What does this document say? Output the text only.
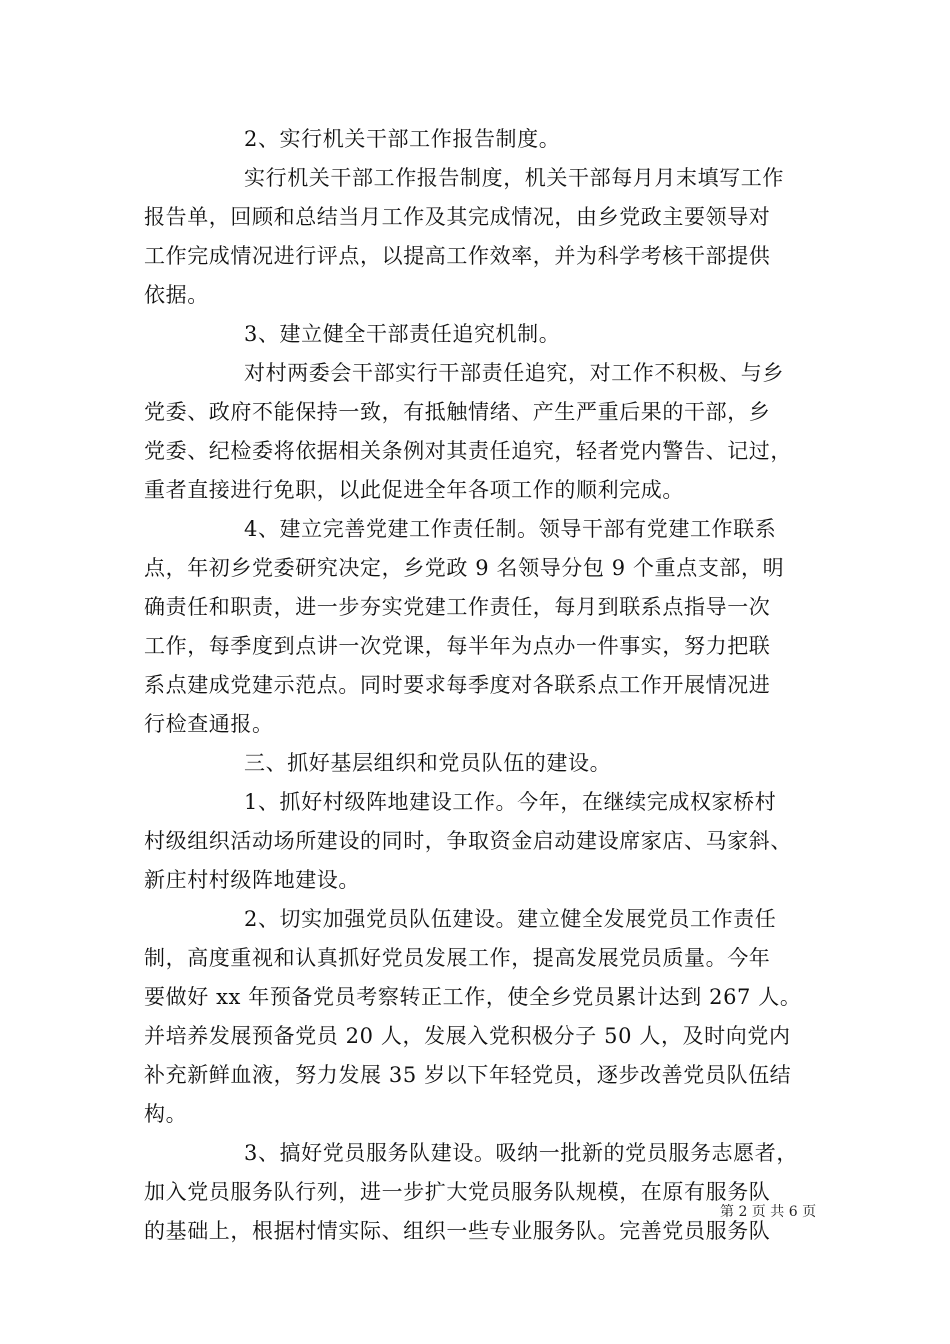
2、实行机关干部工作报告制度。
实行机关干部工作报告制度，机关干部每月月末填写工作
报告单，回顾和总结当月工作及其完成情况，由乡党政主要领导对
工作完成情况进行评点，以提高工作效率，并为科学考核干部提供
依据。
3、建立健全干部责任追究机制。
对村两委会干部实行干部责任追究，对工作不积极、与乡
党委、政府不能保持一致，有抵触情绪、产生严重后果的干部，乡
党委、纪检委将依据相关条例对其责任追究，轻者党内警告、记过，
重者直接进行免职，以此促进全年各项工作的顺利完成。
4、建立完善党建工作责任制。领导干部有党建工作联系
点，年初乡党委研究决定，乡党政 9 名领导分包 9 个重点支部，明
确责任和职责，进一步夯实党建工作责任，每月到联系点指导一次
工作，每季度到点讲一次党课，每半年为点办一件事实，努力把联
系点建成党建示范点。同时要求每季度对各联系点工作开展情况进
行检查通报。
三、抓好基层组织和党员队伍的建设。
1、抓好村级阵地建设工作。今年，在继续完成权家桥村
村级组织活动场所建设的同时，争取资金启动建设席家店、马家斜、
新庄村村级阵地建设。
2、切实加强党员队伍建设。建立健全发展党员工作责任
制，高度重视和认真抓好党员发展工作，提高发展党员质量。今年
要做好 xx 年预备党员考察转正工作，使全乡党员累计达到 267 人。
并培养发展预备党员 20 人，发展入党积极分子 50 人，及时向党内
补充新鲜血液，努力发展 35 岁以下年轻党员，逐步改善党员队伍结
构。
3、搞好党员服务队建设。吸纳一批新的党员服务志愿者，
加入党员服务队行列，进一步扩大党员服务队规模，在原有服务队
的基础上，根据村情实际、组织一些专业服务队。完善党员服务队
第 2 页 共 6 页
